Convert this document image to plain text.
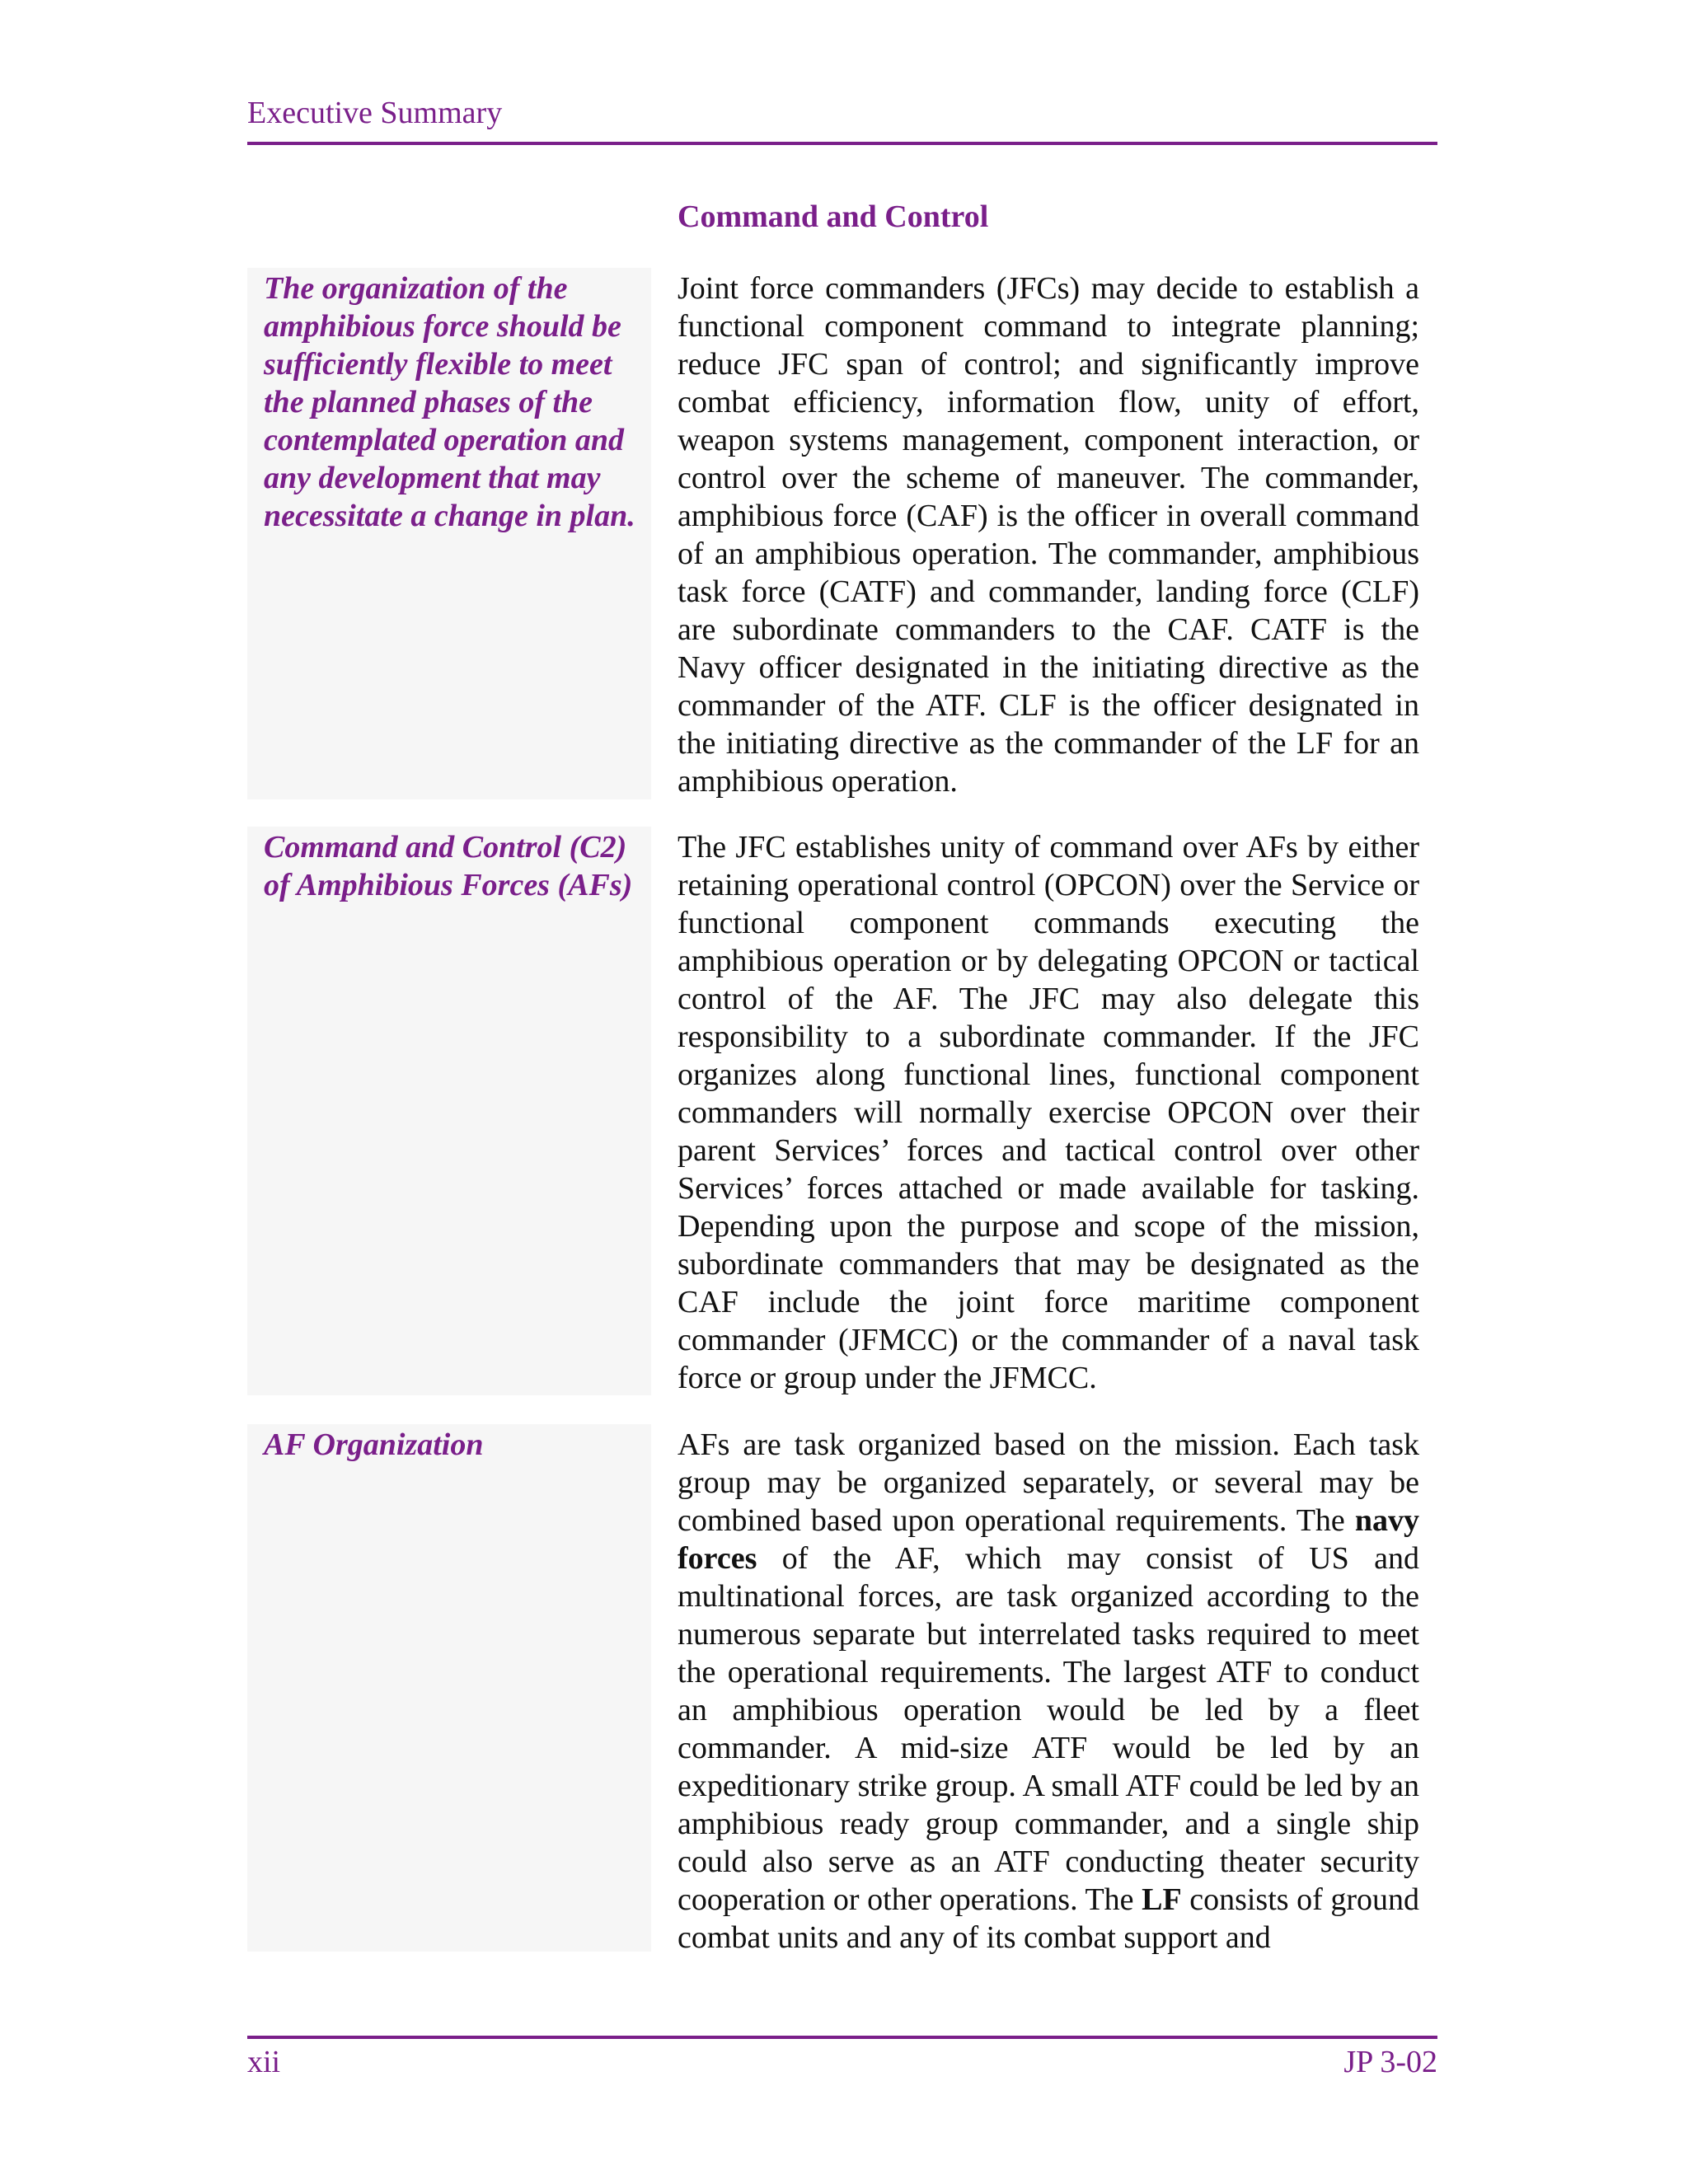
Executive Summary
Command and Control
The organization of the amphibious force should be sufficiently flexible to meet the planned phases of the contemplated operation and any development that may necessitate a change in plan.
Joint force commanders (JFCs) may decide to establish a functional component command to integrate planning; reduce JFC span of control; and significantly improve combat efficiency, information flow, unity of effort, weapon systems management, component interaction, or control over the scheme of maneuver. The commander, amphibious force (CAF) is the officer in overall command of an amphibious operation. The commander, amphibious task force (CATF) and commander, landing force (CLF) are subordinate commanders to the CAF. CATF is the Navy officer designated in the initiating directive as the commander of the ATF. CLF is the officer designated in the initiating directive as the commander of the LF for an amphibious operation.
Command and Control (C2) of Amphibious Forces (AFs)
The JFC establishes unity of command over AFs by either retaining operational control (OPCON) over the Service or functional component commands executing the amphibious operation or by delegating OPCON or tactical control of the AF. The JFC may also delegate this responsibility to a subordinate commander. If the JFC organizes along functional lines, functional component commanders will normally exercise OPCON over their parent Services’ forces and tactical control over other Services’ forces attached or made available for tasking. Depending upon the purpose and scope of the mission, subordinate commanders that may be designated as the CAF include the joint force maritime component commander (JFMCC) or the commander of a naval task force or group under the JFMCC.
AF Organization	AFs are task organized based on the mission. Each task group may be organized separately, or several may be combined based upon operational requirements. The navy forces of the AF, which may consist of US and multinational forces, are task organized according to the numerous separate but interrelated tasks required to meet the operational requirements. The largest ATF to conduct an amphibious operation would be led by a fleet commander. A mid-size ATF would be led by an expeditionary strike group. A small ATF could be led by an amphibious ready group commander, and a single ship could also serve as an ATF conducting theater security cooperation or other operations. The LF consists of ground combat units and any of its combat support and
xii	JP 3-02
